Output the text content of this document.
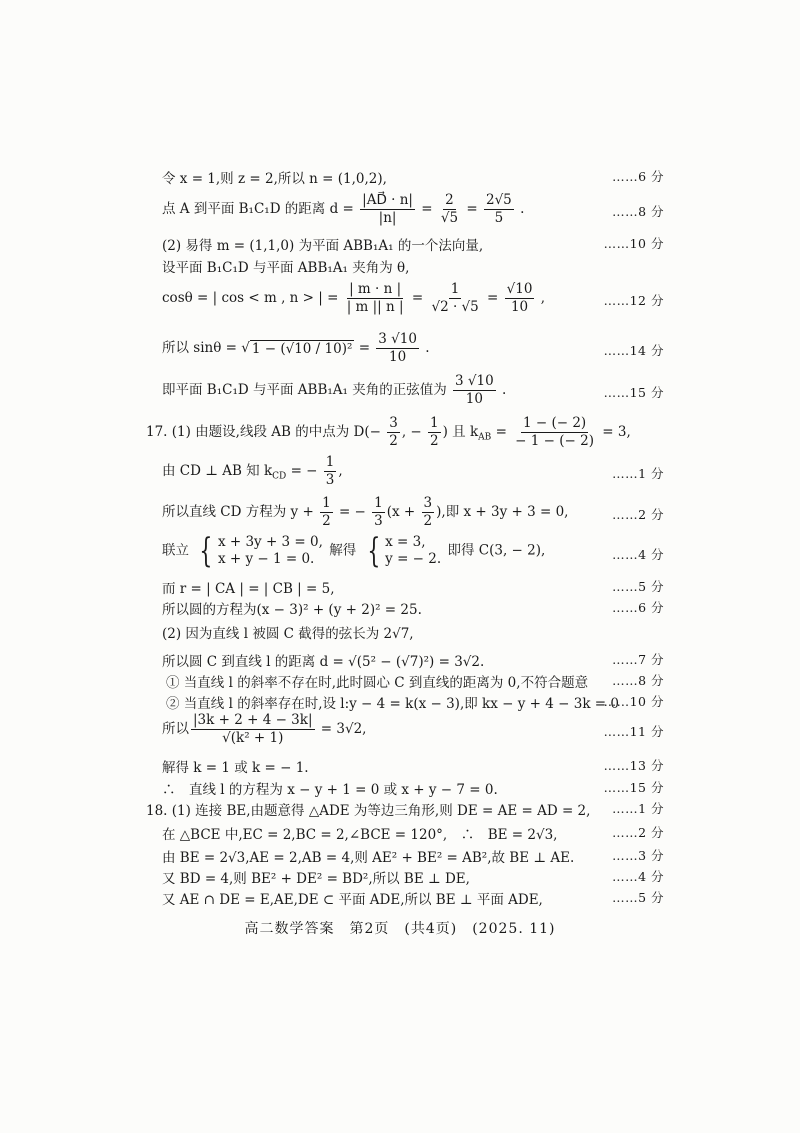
令 x = 1,则 z = 2,所以 n = (1,0,2),	……6 分
点 A 到平面 B₁C₁D 的距离 $d = \frac{|AD⃗ \cdot n|}{|n|} = \frac{2}{√5} = \frac{2√5}{5}$ .	……8 分
(2) 易得 m = (1,1,0) 为平面 ABB₁A₁ 的一个法向量,	……10 分
设平面 B₁C₁D 与平面 ABB₁A₁ 夹角为 θ,
cosθ = | cos < m , n > | = $\frac{| m \cdot n |}{| m || n |} = \frac{1}{√2 \cdot √5} = \frac{√10}{10}$ ,	……12 分
所以 sinθ = √ $1 - (√10 / 10)^2 = \frac{3 √10}{10}$ .	……14 分
即平面 B₁C₁D 与平面 ABB₁A₁ 夹角的正弦值为 $\frac{3 √10}{10}$ .	……15 分
17. (1) 由题设,线段 AB 的中点为 $D(- \frac{3}{2}$ , − $\frac{1}{2}$ ) 且 $k_{AB} = \frac{1 - (- 2)}{- 1 - (- 2)} = 3$,
由 CD ⊥ AB 知 $k_{CD}$ = − $\frac{1}{3}$ ,	……1 分
所以直线 CD 方程为 $y + \frac{1}{2}$ = − $\frac{1}{3} (x + \frac{3}{2}$ ),即 x + 3y + 3 = 0,	……2 分
联立 { x + 3y + 3 = 0,
x + y − 1 = 0.
解得 { x = 3,
y = − 2.
即得 C(3, − 2),	……4 分
而 r = | CA | = | CB | = 5,	……5 分
所以圆的方程为(x − 3)² + (y + 2)² = 25.	……6 分
(2) 因为直线 l 被圆 C 截得的弦长为 2√7,
所以圆 C 到直线 l 的距离 d = √(5² − (√7)²) = 3√2.	……7 分
① 当直线 l 的斜率不存在时,此时圆心 C 到直线的距离为 0,不符合题意 ……8 分
② 当直线 l 的斜率存在时,设 l:y − 4 = k(x − 3),即 kx − y + 4 − 3k = 0
……10 分
所以 $\frac{|3k + 2 + 4 - 3k|}{\text{√(k² + 1)}} = 3√2$,	……11 分
解得 k = 1 或 k = − 1.	……13 分
∴　直线 l 的方程为 x − y + 1 = 0 或 x + y − 7 = 0.	……15 分
18. (1) 连接 BE,由题意得 △ADE 为等边三角形,则 DE = AE = AD = 2, ……1 分
在 △BCE 中,EC = 2,BC = 2,∠BCE = 120°,　∴　BE = 2√3,	……2 分
由 BE = 2√3,AE = 2,AB = 4,则 AE² + BE² = AB²,故 BE ⊥ AE.	……3 分
又 BD = 4,则 BE² + DE² = BD²,所以 BE ⊥ DE,	……4 分
又 AE ∩ DE = E,AE,DE ⊂ 平面 ADE,所以 BE ⊥ 平面 ADE,	……5 分
高二数学答案　第2页　(共4页)　(2025. 11)
